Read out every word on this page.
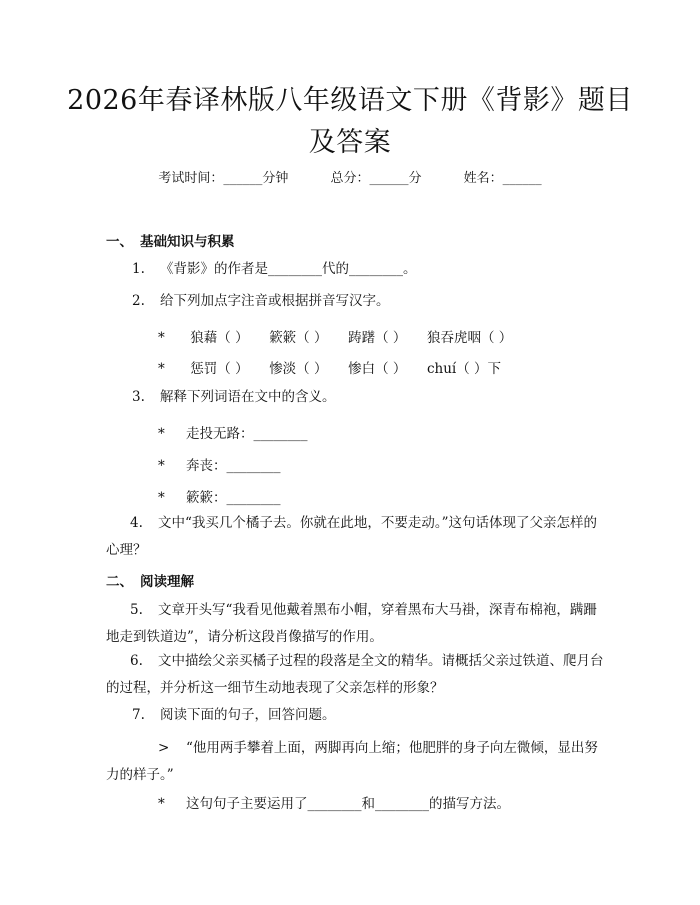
2026年春译林版八年级语文下册《背影》题目及答案
考试时间：______分钟	总分：______分	姓名：______
一、 基础知识与积累
1. 《背影》的作者是________代的________。
2. 给下列加点字注音或根据拼音写汉字。
* 狼藉（ ） 簌簌（ ） 踌躇（ ） 狼吞虎咽（ ）
* 惩罚（ ） 惨淡（ ） 惨白（ ） chuí（ ）下
3. 解释下列词语在文中的含义。
* 走投无路：________
* 奔丧：________
* 簌簌：________
4. 文中“我买几个橘子去。你就在此地，不要走动。”这句话体现了父亲怎样的心理？
二、 阅读理解
5. 文章开头写“我看见他戴着黑布小帽，穿着黑布大马褂，深青布棉袍，蹒跚地走到铁道边”，请分析这段肖像描写的作用。
6. 文中描绘父亲买橘子过程的段落是全文的精华。请概括父亲过铁道、爬月台的过程，并分析这一细节生动地表现了父亲怎样的形象？
7. 阅读下面的句子，回答问题。
> “他用两手攀着上面，两脚再向上缩；他肥胖的身子向左微倾，显出努力的样子。”
* 这句句子主要运用了________和________的描写方法。
